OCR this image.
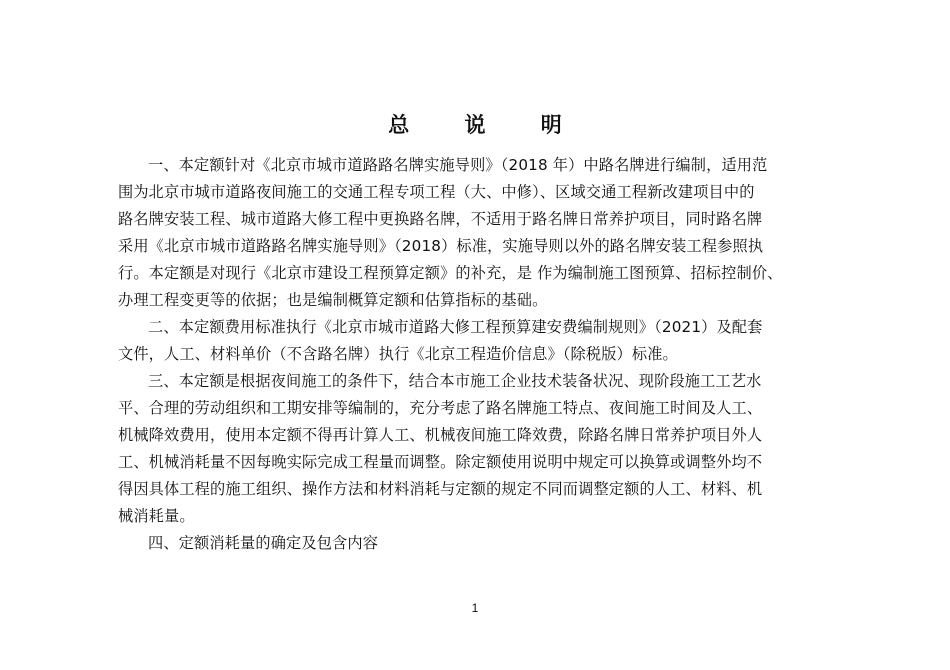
总 说 明
一、本定额针对《北京市城市道路路名牌实施导则》（2018 年）中路名牌进行编制，适用范
围为北京市城市道路夜间施工的交通工程专项工程（大、中修）、区域交通工程新改建项目中的
路名牌安装工程、城市道路大修工程中更换路名牌，不适用于路名牌日常养护项目，同时路名牌
采用《北京市城市道路路名牌实施导则》（2018）标准，实施导则以外的路名牌安装工程参照执
行。本定额是对现行《北京市建设工程预算定额》的补充，是 作为编制施工图预算、招标控制价、
办理工程变更等的依据；也是编制概算定额和估算指标的基础。
二、本定额费用标准执行《北京市城市道路大修工程预算建安费编制规则》（2021）及配套
文件，人工、材料单价（不含路名牌）执行《北京工程造价信息》（除税版）标准。
三、本定额是根据夜间施工的条件下，结合本市施工企业技术装备状况、现阶段施工工艺水
平、合理的劳动组织和工期安排等编制的，充分考虑了路名牌施工特点、夜间施工时间及人工、
机械降效费用，使用本定额不得再计算人工、机械夜间施工降效费，除路名牌日常养护项目外人
工、机械消耗量不因每晚实际完成工程量而调整。除定额使用说明中规定可以换算或调整外均不
得因具体工程的施工组织、操作方法和材料消耗与定额的规定不同而调整定额的人工、材料、机
械消耗量。
四、定额消耗量的确定及包含内容
1
